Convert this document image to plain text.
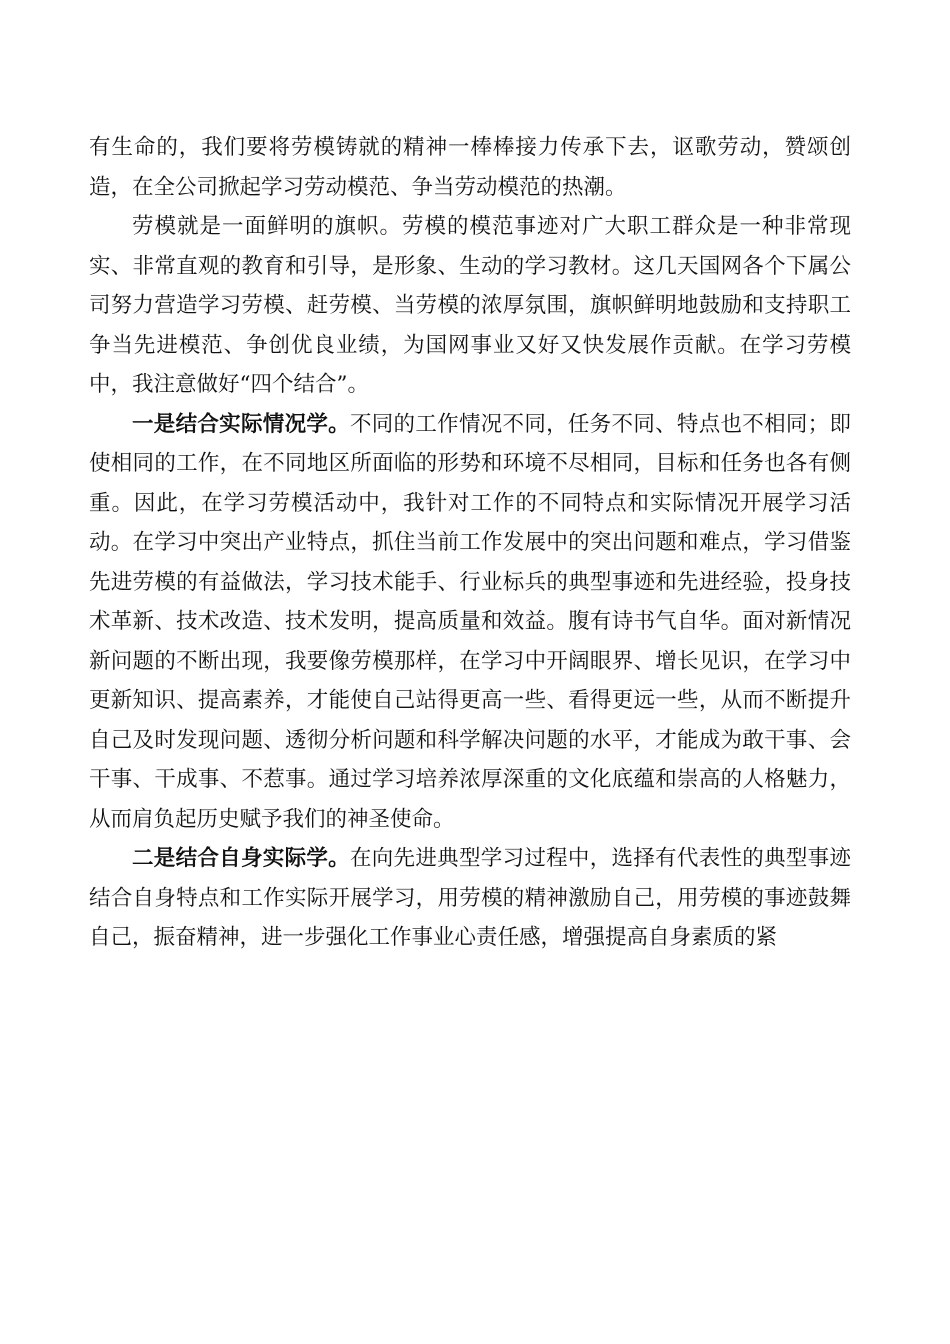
有生命的，我们要将劳模铸就的精神一棒棒接力传承下去，讴歌劳动，赞颂创造，在全公司掀起学习劳动模范、争当劳动模范的热潮。

劳模就是一面鲜明的旗帜。劳模的模范事迹对广大职工群众是一种非常现实、非常直观的教育和引导，是形象、生动的学习教材。这几天国网各个下属公司努力营造学习劳模、赶劳模、当劳模的浓厚氛围，旗帜鲜明地鼓励和支持职工争当先进模范、争创优良业绩，为国网事业又好又快发展作贡献。在学习劳模中，我注意做好“四个结合”。

一是结合实际情况学。不同的工作情况不同，任务不同、特点也不相同；即使相同的工作，在不同地区所面临的形势和环境不尽相同，目标和任务也各有侧重。因此，在学习劳模活动中，我针对工作的不同特点和实际情况开展学习活动。在学习中突出产业特点，抓住当前工作发展中的突出问题和难点，学习借鉴先进劳模的有益做法，学习技术能手、行业标兵的典型事迹和先进经验，投身技术革新、技术改造、技术发明，提高质量和效益。腹有诗书气自华。面对新情况新问题的不断出现，我要像劳模那样，在学习中开阔眼界、增长见识，在学习中更新知识、提高素养，才能使自己站得更高一些、看得更远一些，从而不断提升自己及时发现问题、透彻分析问题和科学解决问题的水平，才能成为敢干事、会干事、干成事、不惹事。通过学习培养浓厚深重的文化底蕴和崇高的人格魅力，从而肩负起历史赋予我们的神圣使命。

二是结合自身实际学。在向先进典型学习过程中，选择有代表性的典型事迹结合自身特点和工作实际开展学习，用劳模的精神激励自己，用劳模的事迹鼓舞自己，振奋精神，进一步强化工作事业心责任感，增强提高自身素质的紧
